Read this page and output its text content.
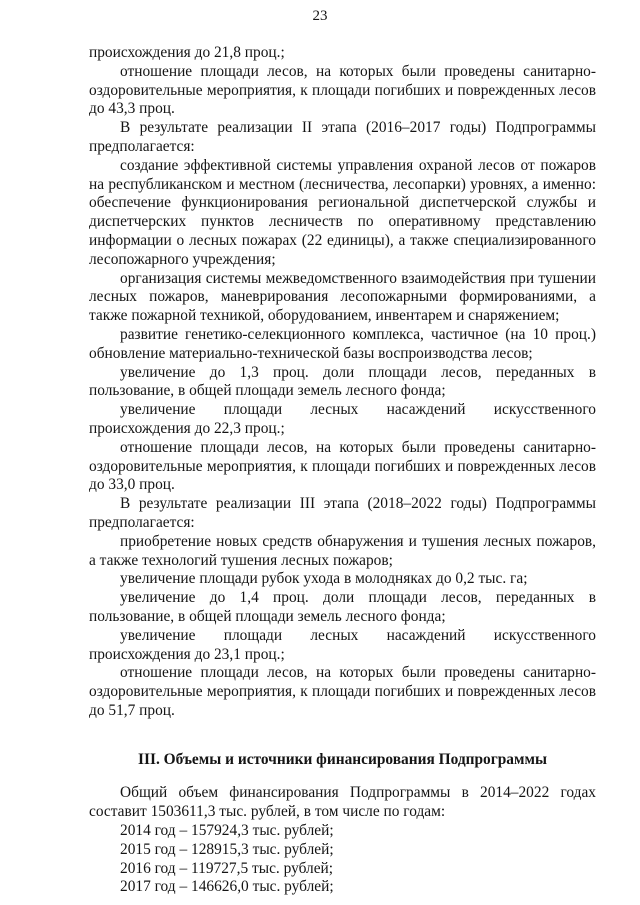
23

происхождения до 21,8 проц.;

отношение площади лесов, на которых были проведены санитарно-оздоровительные мероприятия, к площади погибших и поврежденных лесов до 43,3 проц.

В результате реализации II этапа (2016–2017 годы) Подпрограммы предполагается:

создание эффективной системы управления охраной лесов от пожаров на республиканском и местном (лесничества, лесопарки) уровнях, а именно: обеспечение функционирования региональной диспетчерской службы и диспетчерских пунктов лесничеств по оперативному представлению информации о лесных пожарах (22 единицы), а также специализированного лесопожарного учреждения;

организация системы межведомственного взаимодействия при тушении лесных пожаров, маневрирования лесопожарными формированиями, а также пожарной техникой, оборудованием, инвентарем и снаряжением;

развитие генетико-селекционного комплекса, частичное (на 10 проц.) обновление материально-технической базы воспроизводства лесов;

увеличение до 1,3 проц. доли площади лесов, переданных в пользование, в общей площади земель лесного фонда;

увеличение площади лесных насаждений искусственного происхождения до 22,3 проц.;

отношение площади лесов, на которых были проведены санитарно-оздоровительные мероприятия, к площади погибших и поврежденных лесов до 33,0 проц.

В результате реализации III этапа (2018–2022 годы) Подпрограммы предполагается:

приобретение новых средств обнаружения и тушения лесных пожаров, а также технологий тушения лесных пожаров;

увеличение площади рубок ухода в молодняках до 0,2 тыс. га;

увеличение до 1,4 проц. доли площади лесов, переданных в пользование, в общей площади земель лесного фонда;

увеличение площади лесных насаждений искусственного происхождения до 23,1 проц.;

отношение площади лесов, на которых были проведены санитарно-оздоровительные мероприятия, к площади погибших и поврежденных лесов до 51,7 проц.

III. Объемы и источники финансирования Подпрограммы

Общий объем финансирования Подпрограммы в 2014–2022 годах составит 1503611,3 тыс. рублей, в том числе по годам:

2014 год – 157924,3 тыс. рублей;

2015 год – 128915,3 тыс. рублей;

2016 год – 119727,5 тыс. рублей;

2017 год – 146626,0 тыс. рублей;
